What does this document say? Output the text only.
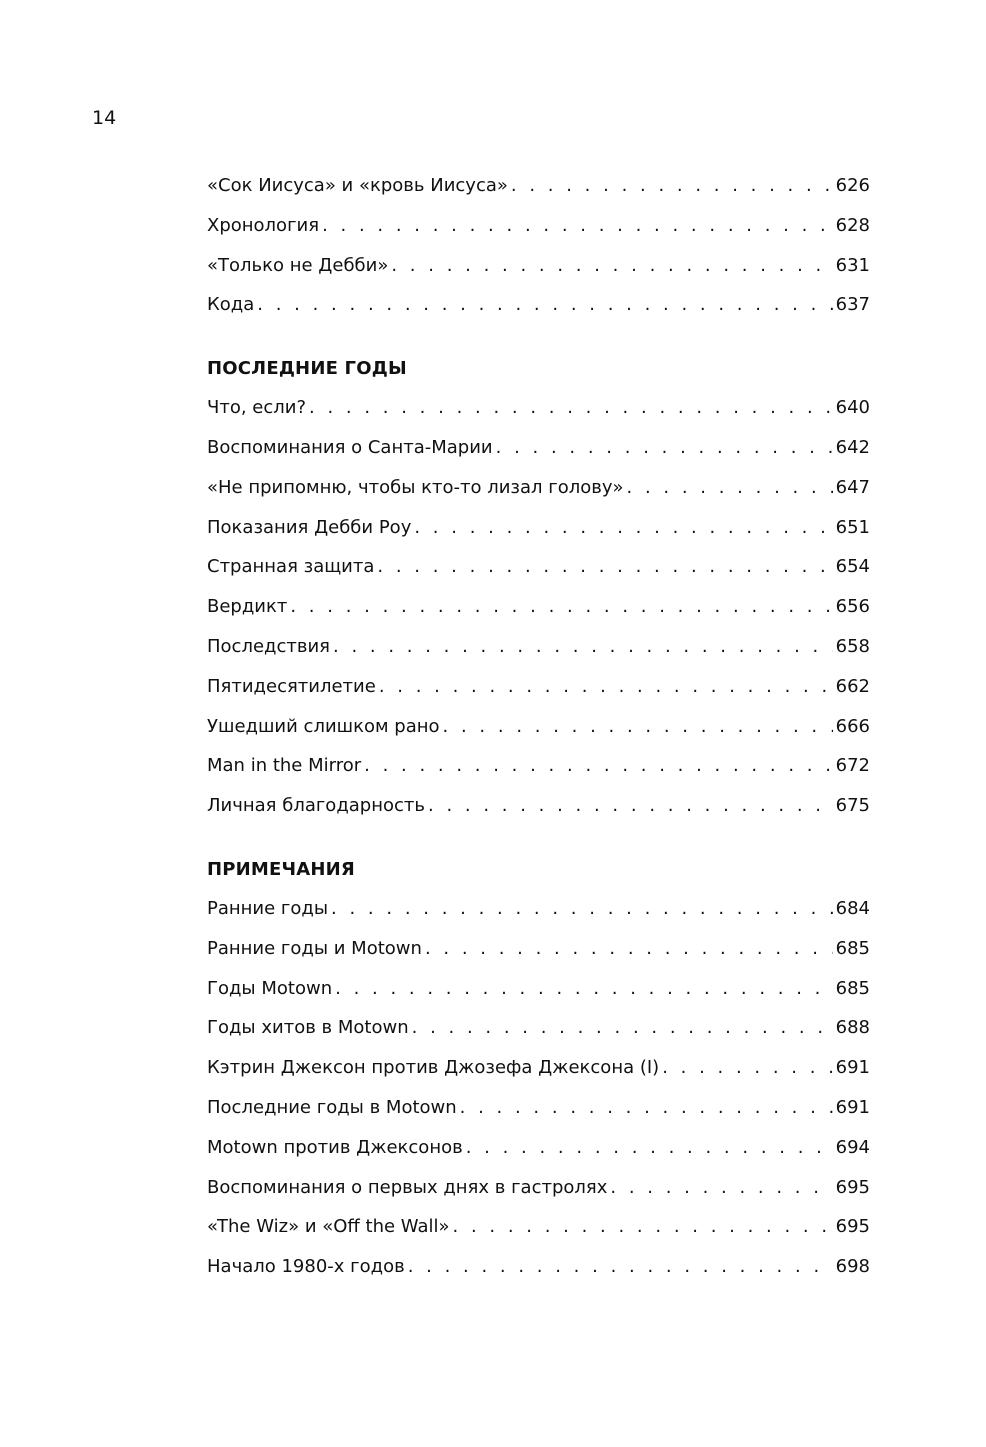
14
«Сок Иисуса» и «кровь Иисуса» . . .	626
Хронология . . .	628
«Только не Дебби» . . .	631
Кода . . .	637
ПОСЛЕДНИЕ ГОДЫ
Что, если? . . .	640
Воспоминания о Санта-Марии . . .	642
«Не припомню, чтобы кто-то лизал голову» . . .	647
Показания Дебби Роу . . .	651
Странная защита . . .	654
Вердикт . . .	656
Последствия . . .	658
Пятидесятилетие . . .	662
Ушедший слишком рано . . .	666
Man in the Mirror . . .	672
Личная благодарность . . .	675
ПРИМЕЧАНИЯ
Ранние годы . . .	684
Ранние годы и Motown . . .	685
Годы Motown . . .	685
Годы хитов в Motown . . .	688
Кэтрин Джексон против Джозефа Джексона (I) . . .	691
Последние годы в Motown . . .	691
Motown против Джексонов . . .	694
Воспоминания о первых днях в гастролях . . .	695
«The Wiz» и «Off the Wall» . . .	695
Начало 1980-х годов . . .	698
